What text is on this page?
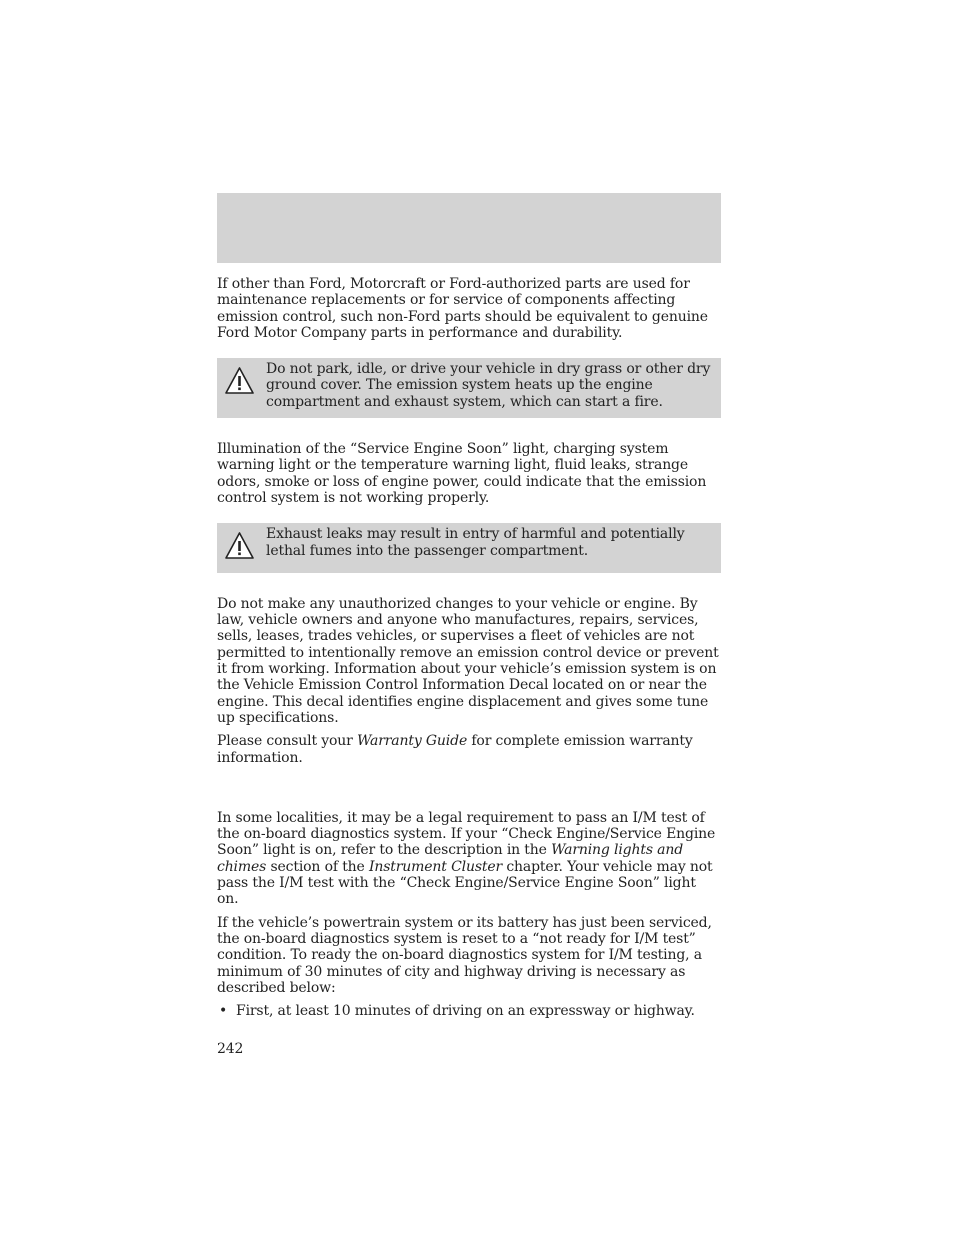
If other than Ford, Motorcraft or Ford-authorized parts are used for maintenance replacements or for service of components affecting emission control, such non-Ford parts should be equivalent to genuine Ford Motor Company parts in performance and durability.

Do not park, idle, or drive your vehicle in dry grass or other dry ground cover. The emission system heats up the engine compartment and exhaust system, which can start a fire.

Illumination of the “Service Engine Soon” light, charging system warning light or the temperature warning light, fluid leaks, strange odors, smoke or loss of engine power, could indicate that the emission control system is not working properly.

Exhaust leaks may result in entry of harmful and potentially lethal fumes into the passenger compartment.

Do not make any unauthorized changes to your vehicle or engine. By law, vehicle owners and anyone who manufactures, repairs, services, sells, leases, trades vehicles, or supervises a fleet of vehicles are not permitted to intentionally remove an emission control device or prevent it from working. Information about your vehicle’s emission system is on the Vehicle Emission Control Information Decal located on or near the engine. This decal identifies engine displacement and gives some tune up specifications.

Please consult your Warranty Guide for complete emission warranty information.

In some localities, it may be a legal requirement to pass an I/M test of the on-board diagnostics system. If your “Check Engine/Service Engine Soon” light is on, refer to the description in the Warning lights and chimes section of the Instrument Cluster chapter. Your vehicle may not pass the I/M test with the “Check Engine/Service Engine Soon” light on.

If the vehicle’s powertrain system or its battery has just been serviced, the on-board diagnostics system is reset to a “not ready for I/M test” condition. To ready the on-board diagnostics system for I/M testing, a minimum of 30 minutes of city and highway driving is necessary as described below:

• First, at least 10 minutes of driving on an expressway or highway.

242
